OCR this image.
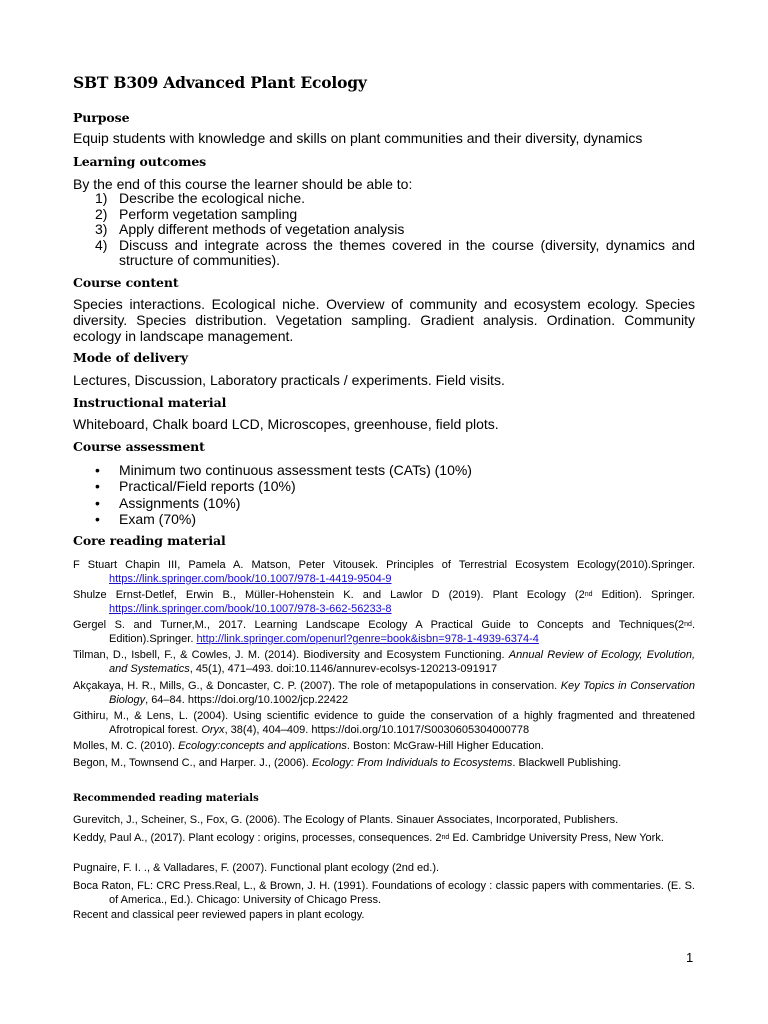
SBT B309 Advanced Plant Ecology
Purpose
Equip students with knowledge and skills on plant communities and their diversity, dynamics
Learning outcomes
By the end of this course the learner should be able to:
1) Describe the ecological niche.
2) Perform vegetation sampling
3) Apply different methods of vegetation analysis
4) Discuss and integrate across the themes covered in the course (diversity, dynamics and structure of communities).
Course content
Species interactions. Ecological niche. Overview of community and ecosystem ecology. Species diversity. Species distribution. Vegetation sampling. Gradient analysis. Ordination. Community ecology in landscape management.
Mode of delivery
Lectures, Discussion, Laboratory practicals / experiments. Field visits.
Instructional material
Whiteboard, Chalk board LCD, Microscopes, greenhouse, field plots.
Course assessment
• Minimum two continuous assessment tests (CATs) (10%)
• Practical/Field reports (10%)
• Assignments (10%)
• Exam (70%)
Core reading material
F Stuart Chapin III, Pamela A. Matson, Peter Vitousek. Principles of Terrestrial Ecosystem Ecology(2010).Springer. https://link.springer.com/book/10.1007/978-1-4419-9504-9
Shulze Ernst-Detlef, Erwin B., Müller-Hohenstein K. and Lawlor D (2019). Plant Ecology (2nd Edition). Springer. https://link.springer.com/book/10.1007/978-3-662-56233-8
Gergel S. and Turner,M., 2017. Learning Landscape Ecology A Practical Guide to Concepts and Techniques(2nd. Edition).Springer. http://link.springer.com/openurl?genre=book&isbn=978-1-4939-6374-4
Tilman, D., Isbell, F., & Cowles, J. M. (2014). Biodiversity and Ecosystem Functioning. Annual Review of Ecology, Evolution, and Systematics, 45(1), 471–493. doi:10.1146/annurev-ecolsys-120213-091917
Akçakaya, H. R., Mills, G., & Doncaster, C. P. (2007). The role of metapopulations in conservation. Key Topics in Conservation Biology, 64–84. https://doi.org/10.1002/jcp.22422
Githiru, M., & Lens, L. (2004). Using scientific evidence to guide the conservation of a highly fragmented and threatened Afrotropical forest. Oryx, 38(4), 404–409. https://doi.org/10.1017/S0030605304000778
Molles, M. C. (2010). Ecology:concepts and applications. Boston: McGraw-Hill Higher Education.
Begon, M., Townsend C., and Harper. J., (2006). Ecology: From Individuals to Ecosystems. Blackwell Publishing.
Recommended reading materials
Gurevitch, J., Scheiner, S., Fox, G. (2006). The Ecology of Plants. Sinauer Associates, Incorporated, Publishers.
Keddy, Paul A., (2017). Plant ecology : origins, processes, consequences. 2nd Ed. Cambridge University Press, New York.
Pugnaire, F. I. ., & Valladares, F. (2007). Functional plant ecology (2nd ed.).
Boca Raton, FL: CRC Press.Real, L., & Brown, J. H. (1991). Foundations of ecology : classic papers with commentaries. (E. S. of America., Ed.). Chicago: University of Chicago Press.
Recent and classical peer reviewed papers in plant ecology.
1
